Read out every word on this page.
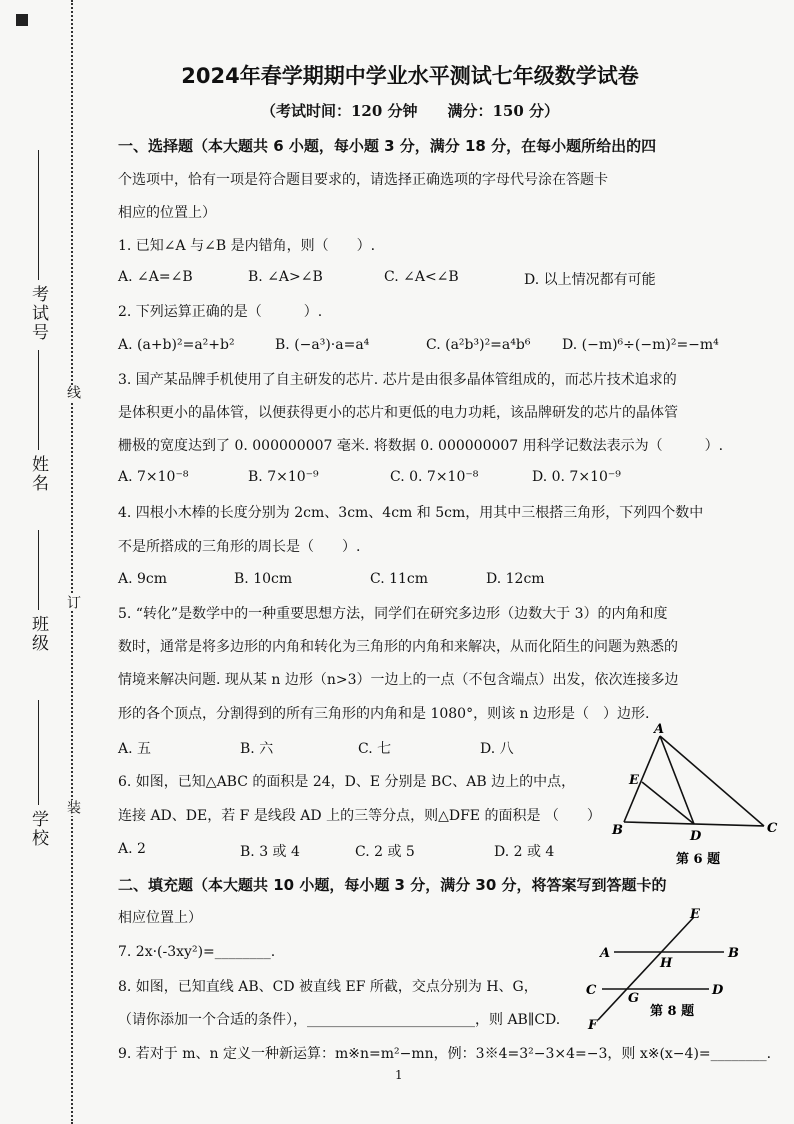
考试号
姓名
班级
学校
线
订
装
2024年春学期期中学业水平测试七年级数学试卷
（考试时间：120 分钟　　满分：150 分）
一、选择题（本大题共 6 小题，每小题 3 分，满分 18 分，在每小题所给出的四
个选项中，恰有一项是符合题目要求的，请选择正确选项的字母代号涂在答题卡
相应的位置上）
1. 已知∠A 与∠B 是内错角，则（　　）.
A. ∠A=∠B	B. ∠A>∠B	C. ∠A<∠B	D. 以上情况都有可能
2. 下列运算正确的是（　　　）.
A. (a+b)²=a²+b²	B. (−a³)·a=a⁴	C. (a²b³)²=a⁴b⁶ D. (−m)⁶÷(−m)²=−m⁴
3. 国产某品牌手机使用了自主研发的芯片. 芯片是由很多晶体管组成的，而芯片技术追求的
是体积更小的晶体管，以便获得更小的芯片和更低的电力功耗，该品牌研发的芯片的晶体管
栅极的宽度达到了 0. 000000007 毫米. 将数据 0. 000000007 用科学记数法表示为（　　　）.
A. 7×10⁻⁸	B. 7×10⁻⁹	C. 0. 7×10⁻⁸	D. 0. 7×10⁻⁹
4. 四根小木棒的长度分别为 2cm、3cm、4cm 和 5cm，用其中三根搭三角形，下列四个数中
不是所搭成的三角形的周长是（　　）.
A. 9cm	B. 10cm	C. 11cm	D. 12cm
5. “转化”是数学中的一种重要思想方法，同学们在研究多边形（边数大于 3）的内角和度
数时，通常是将多边形的内角和转化为三角形的内角和来解决，从而化陌生的问题为熟悉的
情境来解决问题. 现从某 n 边形（n>3）一边上的一点（不包含端点）出发，依次连接多边
形的各个顶点，分割得到的所有三角形的内角和是 1080°，则该 n 边形是（　）边形.
A. 五	B. 六	C. 七	D. 八
6. 如图，已知△ABC 的面积是 24，D、E 分别是 BC、AB 边上的中点，
连接 AD、DE，若 F 是线段 AD 上的三等分点，则△DFE 的面积是 （　　）
A. 2	B. 3 或 4	C. 2 或 5	D. 2 或 4
A
E
B	D
C
第 6 题
二、填充题（本大题共 10 小题，每小题 3 分，满分 30 分，将答案写到答题卡的
相应位置上）
7. 2x·(-3xy²)=________.
8. 如图，已知直线 AB、CD 被直线 EF 所截，交点分别为 H、G，
（请你添加一个合适的条件），________________________，则 AB∥CD.
E
A
H
B
C
G
D
F
第 8 题
9. 若对于 m、n 定义一种新运算：m※n=m²−mn，例：3※4=3²−3×4=−3，则 x※(x−4)=________.
1
